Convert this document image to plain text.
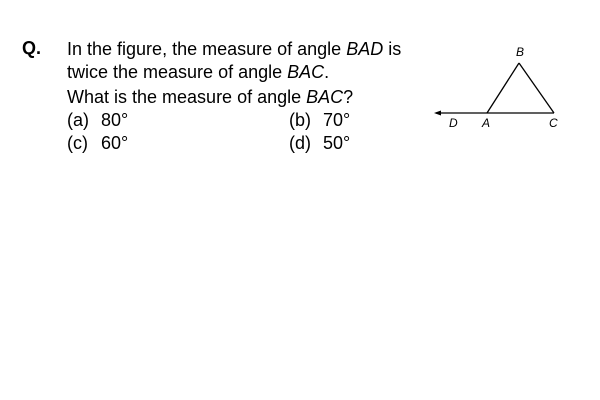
Q. In the figure, the measure of angle BAD is
twice the measure of angle BAC.
What is the measure of angle BAC?
(a) 80°	(b) 70°
(c) 60°	(d) 50°
B
D A	C
